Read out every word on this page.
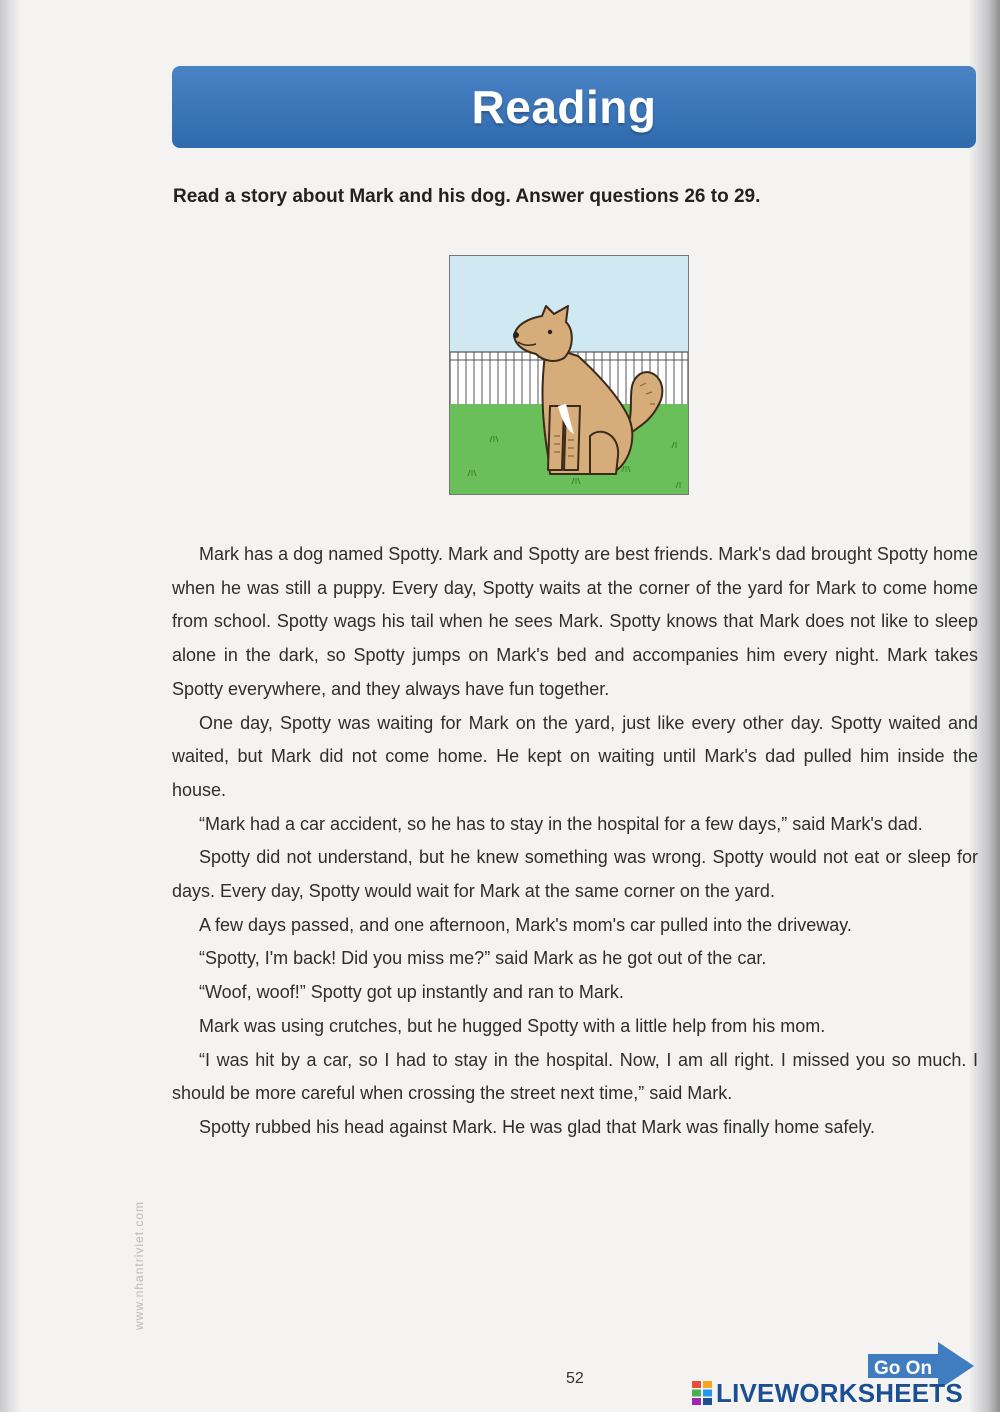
Reading
Read a story about Mark and his dog. Answer questions 26 to 29.

Mark has a dog named Spotty. Mark and Spotty are best friends. Mark's dad brought Spotty home when he was still a puppy. Every day, Spotty waits at the corner of the yard for Mark to come home from school. Spotty wags his tail when he sees Mark. Spotty knows that Mark does not like to sleep alone in the dark, so Spotty jumps on Mark's bed and accompanies him every night. Mark takes Spotty everywhere, and they always have fun together.

One day, Spotty was waiting for Mark on the yard, just like every other day. Spotty waited and waited, but Mark did not come home. He kept on waiting until Mark's dad pulled him inside the house.

“Mark had a car accident, so he has to stay in the hospital for a few days,” said Mark's dad.

Spotty did not understand, but he knew something was wrong. Spotty would not eat or sleep for days. Every day, Spotty would wait for Mark at the same corner on the yard.

A few days passed, and one afternoon, Mark's mom's car pulled into the driveway.

“Spotty, I'm back! Did you miss me?” said Mark as he got out of the car.

“Woof, woof!” Spotty got up instantly and ran to Mark.

Mark was using crutches, but he hugged Spotty with a little help from his mom.

“I was hit by a car, so I had to stay in the hospital. Now, I am all right. I missed you so much. I should be more careful when crossing the street next time,” said Mark.

Spotty rubbed his head against Mark. He was glad that Mark was finally home safely.

www.nhantriviet.com
52	Go On
LIVEWORKSHEETS
